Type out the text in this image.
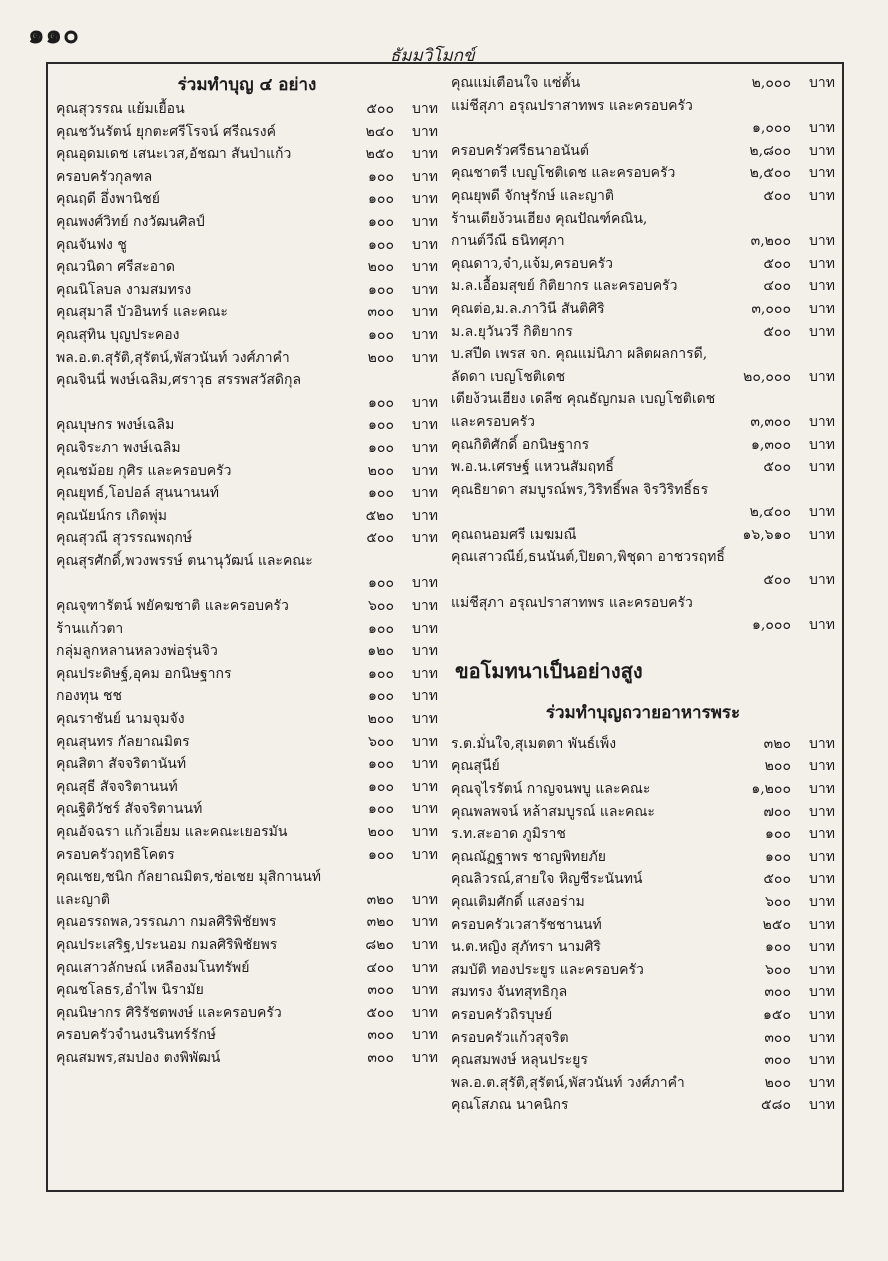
๑๑๐
ธัมมวิโมกข์
ร่วมทำบุญ ๔ อย่าง
คุณสุวรรณ แย้มเยื้อน	๕๐๐ บาท
คุณชวันรัตน์ ยุกตะศรีโรจน์ ศรีณรงค์	๒๔๐ บาท
คุณอุดมเดช เสนะเวส,อัชฌา สันป่าแก้ว	๒๕๐ บาท
ครอบครัวกุลฑล	๑๐๐ บาท
คุณฤดี อึ่งพานิชย์	๑๐๐ บาท
คุณพงศ์วิทย์ กงวัฒนศิลป์	๑๐๐ บาท
คุณจันฟง ชู	๑๐๐ บาท
คุณวนิดา ศรีสะอาด	๒๐๐ บาท
คุณนิโลบล งามสมทรง	๑๐๐ บาท
คุณสุมาลี บัวอินทร์ และคณะ	๓๐๐ บาท
คุณสุทิน บุญประคอง	๑๐๐ บาท
พล.อ.ต.สุรัติ,สุรัตน์,พัสวนันท์ วงศ์ภาคำ	๒๐๐ บาท
คุณจินนี่ พงษ์เฉลิม,ศราวุธ สรรพสวัสดิกุล
๑๐๐ บาท
คุณบุษกร พงษ์เฉลิม	๑๐๐ บาท
คุณจิระภา พงษ์เฉลิม	๑๐๐ บาท
คุณชม้อย กุศิร และครอบครัว	๒๐๐ บาท
คุณยุทธ์,โอปอล์ สุนนานนท์	๑๐๐ บาท
คุณนัยน์กร เกิดพุ่ม	๕๒๐ บาท
คุณสุวณี สุวรรณพฤกษ์	๕๐๐ บาท
คุณสุรศักดิ์,พวงพรรษ์ ตนานุวัฒน์ และคณะ
๑๐๐ บาท
คุณจุฑารัตน์ พยัคฆชาติ และครอบครัว	๖๐๐ บาท
ร้านแก้วตา	๑๐๐ บาท
กลุ่มลูกหลานหลวงพ่อรุ่นจิว	๑๒๐ บาท
คุณประดิษฐ์,อุคม อกนิษฐากร	๑๐๐ บาท
กองทุน ชช	๑๐๐ บาท
คุณราชันย์ นามจุมจัง	๒๐๐ บาท
คุณสุนทร กัลยาณมิตร	๖๐๐ บาท
คุณสิตา สัจจริตานันท์	๑๐๐ บาท
คุณสุธี สัจจริตานนท์	๑๐๐ บาท
คุณฐิติวัชร์ สัจจริตานนท์	๑๐๐ บาท
คุณอัจฉรา แก้วเอี่ยม และคณะเยอรมัน	๒๐๐ บาท
ครอบครัวฤทธิโคตร	๑๐๐ บาท
คุณเชย,ชนิก กัลยาณมิตร,ช่อเชย มุสิกานนท์
และญาติ	๓๒๐ บาท
คุณอรรถพล,วรรณภา กมลศิริพิชัยพร	๓๒๐ บาท
คุณประเสริฐ,ประนอม กมลศิริพิชัยพร	๘๒๐ บาท
คุณเสาวลักษณ์ เหลืองมโนทรัพย์	๔๐๐ บาท
คุณชโลธร,อำไพ นิรามัย	๓๐๐ บาท
คุณนิษากร ศิริรัชตพงษ์ และครอบครัว	๕๐๐ บาท
ครอบครัวจำนงนรินทร์รักษ์	๓๐๐ บาท
คุณสมพร,สมปอง ตงพิพัฒน์	๓๐๐ บาท
คุณแม่เตือนใจ แซ่ตั้น	๒,๐๐๐ บาท
แม่ชีสุภา อรุณปราสาทพร และครอบครัว
๑,๐๐๐ บาท
ครอบครัวศรีธนาอนันต์	๒,๘๐๐ บาท
คุณชาตรี เบญโชติเดช และครอบครัว	๒,๕๐๐ บาท
คุณยุพดี จักษุรักษ์ และญาติ	๕๐๐ บาท
ร้านเตียง้วนเฮียง คุณปัณฑ์คณิน,
กานต์วีณี ธนิทศุภา	๓,๒๐๐ บาท
คุณดาว,จ๋า,แจ้ม,ครอบครัว	๕๐๐ บาท
ม.ล.เอื้อมสุขย์ กิติยากร และครอบครัว	๔๐๐ บาท
คุณต่อ,ม.ล.ภาวินี สันติศิริ	๓,๐๐๐ บาท
ม.ล.ยุวันวรี กิติยากร	๕๐๐ บาท
บ.สปีด เพรส จก. คุณแม่นิภา ผลิตผลการดี,
ลัดดา เบญโชติเดช	๒๐,๐๐๐ บาท
เตียง้วนเฮียง เดลีซ คุณธัญกมล เบญโชติเดช
และครอบครัว	๓,๓๐๐ บาท
คุณกิติศักดิ์ อกนิษฐากร	๑,๓๐๐ บาท
พ.อ.น.เศรษฐ์ แหวนสัมฤทธิ์	๕๐๐ บาท
คุณธิยาดา สมบูรณ์พร,วิริทธิ์พล จิรวิริทธิ์ธร
๒,๔๐๐ บาท
คุณถนอมศรี เมฆมณี	๑๖,๖๑๐ บาท
คุณเสาวณีย์,ธนนันต์,ปิยดา,พิชุดา อาชวรฤทธิ์
๕๐๐ บาท
แม่ชีสุภา อรุณปราสาทพร และครอบครัว
๑,๐๐๐ บาท
ขอโมทนาเป็นอย่างสูง
ร่วมทำบุญถวายอาหารพระ
ร.ต.มั่นใจ,สุเมตตา พันธ์เพ็ง	๓๒๐ บาท
คุณสุนีย์	๒๐๐ บาท
คุณจุไรรัตน์ กาญจนพบู และคณะ	๑,๒๐๐ บาท
คุณพลพจน์ หล้าสมบูรณ์ และคณะ	๗๐๐ บาท
ร.ท.สะอาด ภูมิราช	๑๐๐ บาท
คุณณัฏฐาพร ชาญพิทยภัย	๑๐๐ บาท
คุณลิวรณ์,สายใจ หิญชีระนันทน์	๕๐๐ บาท
คุณเติมศักดิ์ แสงอร่าม	๖๐๐ บาท
ครอบครัวเวสารัชชานนท์	๒๕๐ บาท
น.ต.หญิง สุภัทรา นามศิริ	๑๐๐ บาท
สมบัติ ทองประยูร และครอบครัว	๖๐๐ บาท
สมทรง จันทสุทธิกุล	๓๐๐ บาท
ครอบครัวถิรบุษย์	๑๕๐ บาท
ครอบครัวแก้วสุจริต	๓๐๐ บาท
คุณสมพงษ์ หลุนประยูร	๓๐๐ บาท
พล.อ.ต.สุรัติ,สุรัตน์,พัสวนันท์ วงศ์ภาคำ	๒๐๐ บาท
คุณโสภณ นาคนิกร	๕๘๐ บาท
